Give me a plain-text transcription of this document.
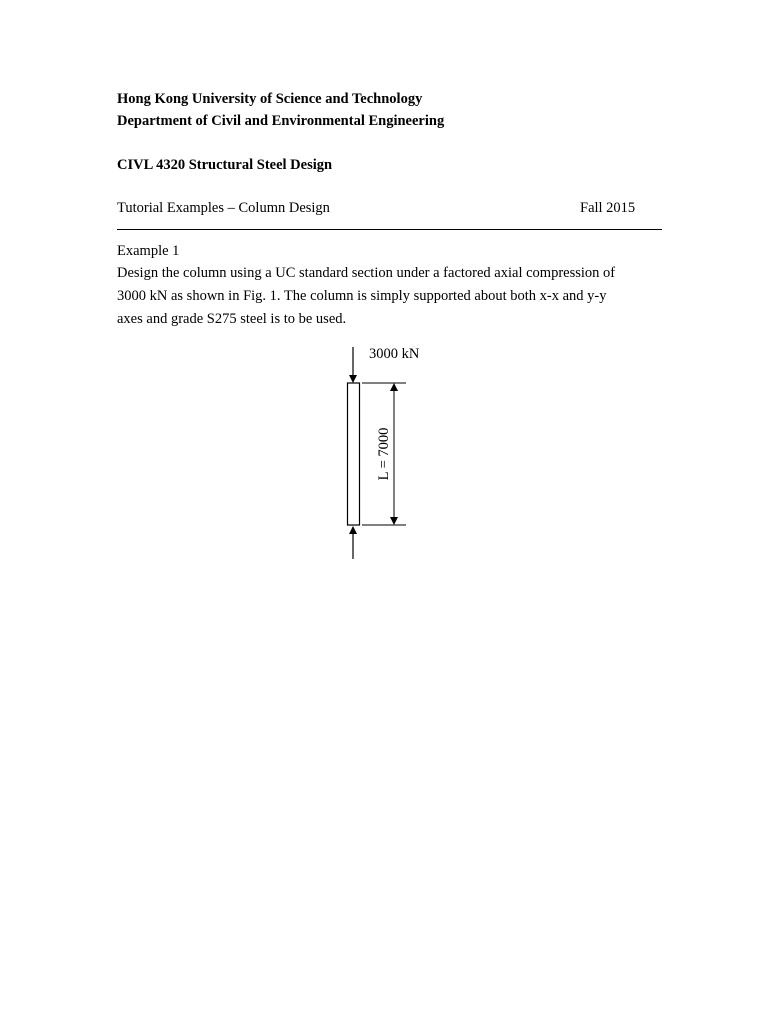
Hong Kong University of Science and Technology
Department of Civil and Environmental Engineering
CIVL 4320 Structural Steel Design
Tutorial Examples – Column Design	Fall 2015
Example 1
Design the column using a UC standard section under a factored axial compression of
3000 kN as shown in Fig. 1. The column is simply supported about both x-x and y-y
axes and grade S275 steel is to be used.
3000 kN
L = 7000
